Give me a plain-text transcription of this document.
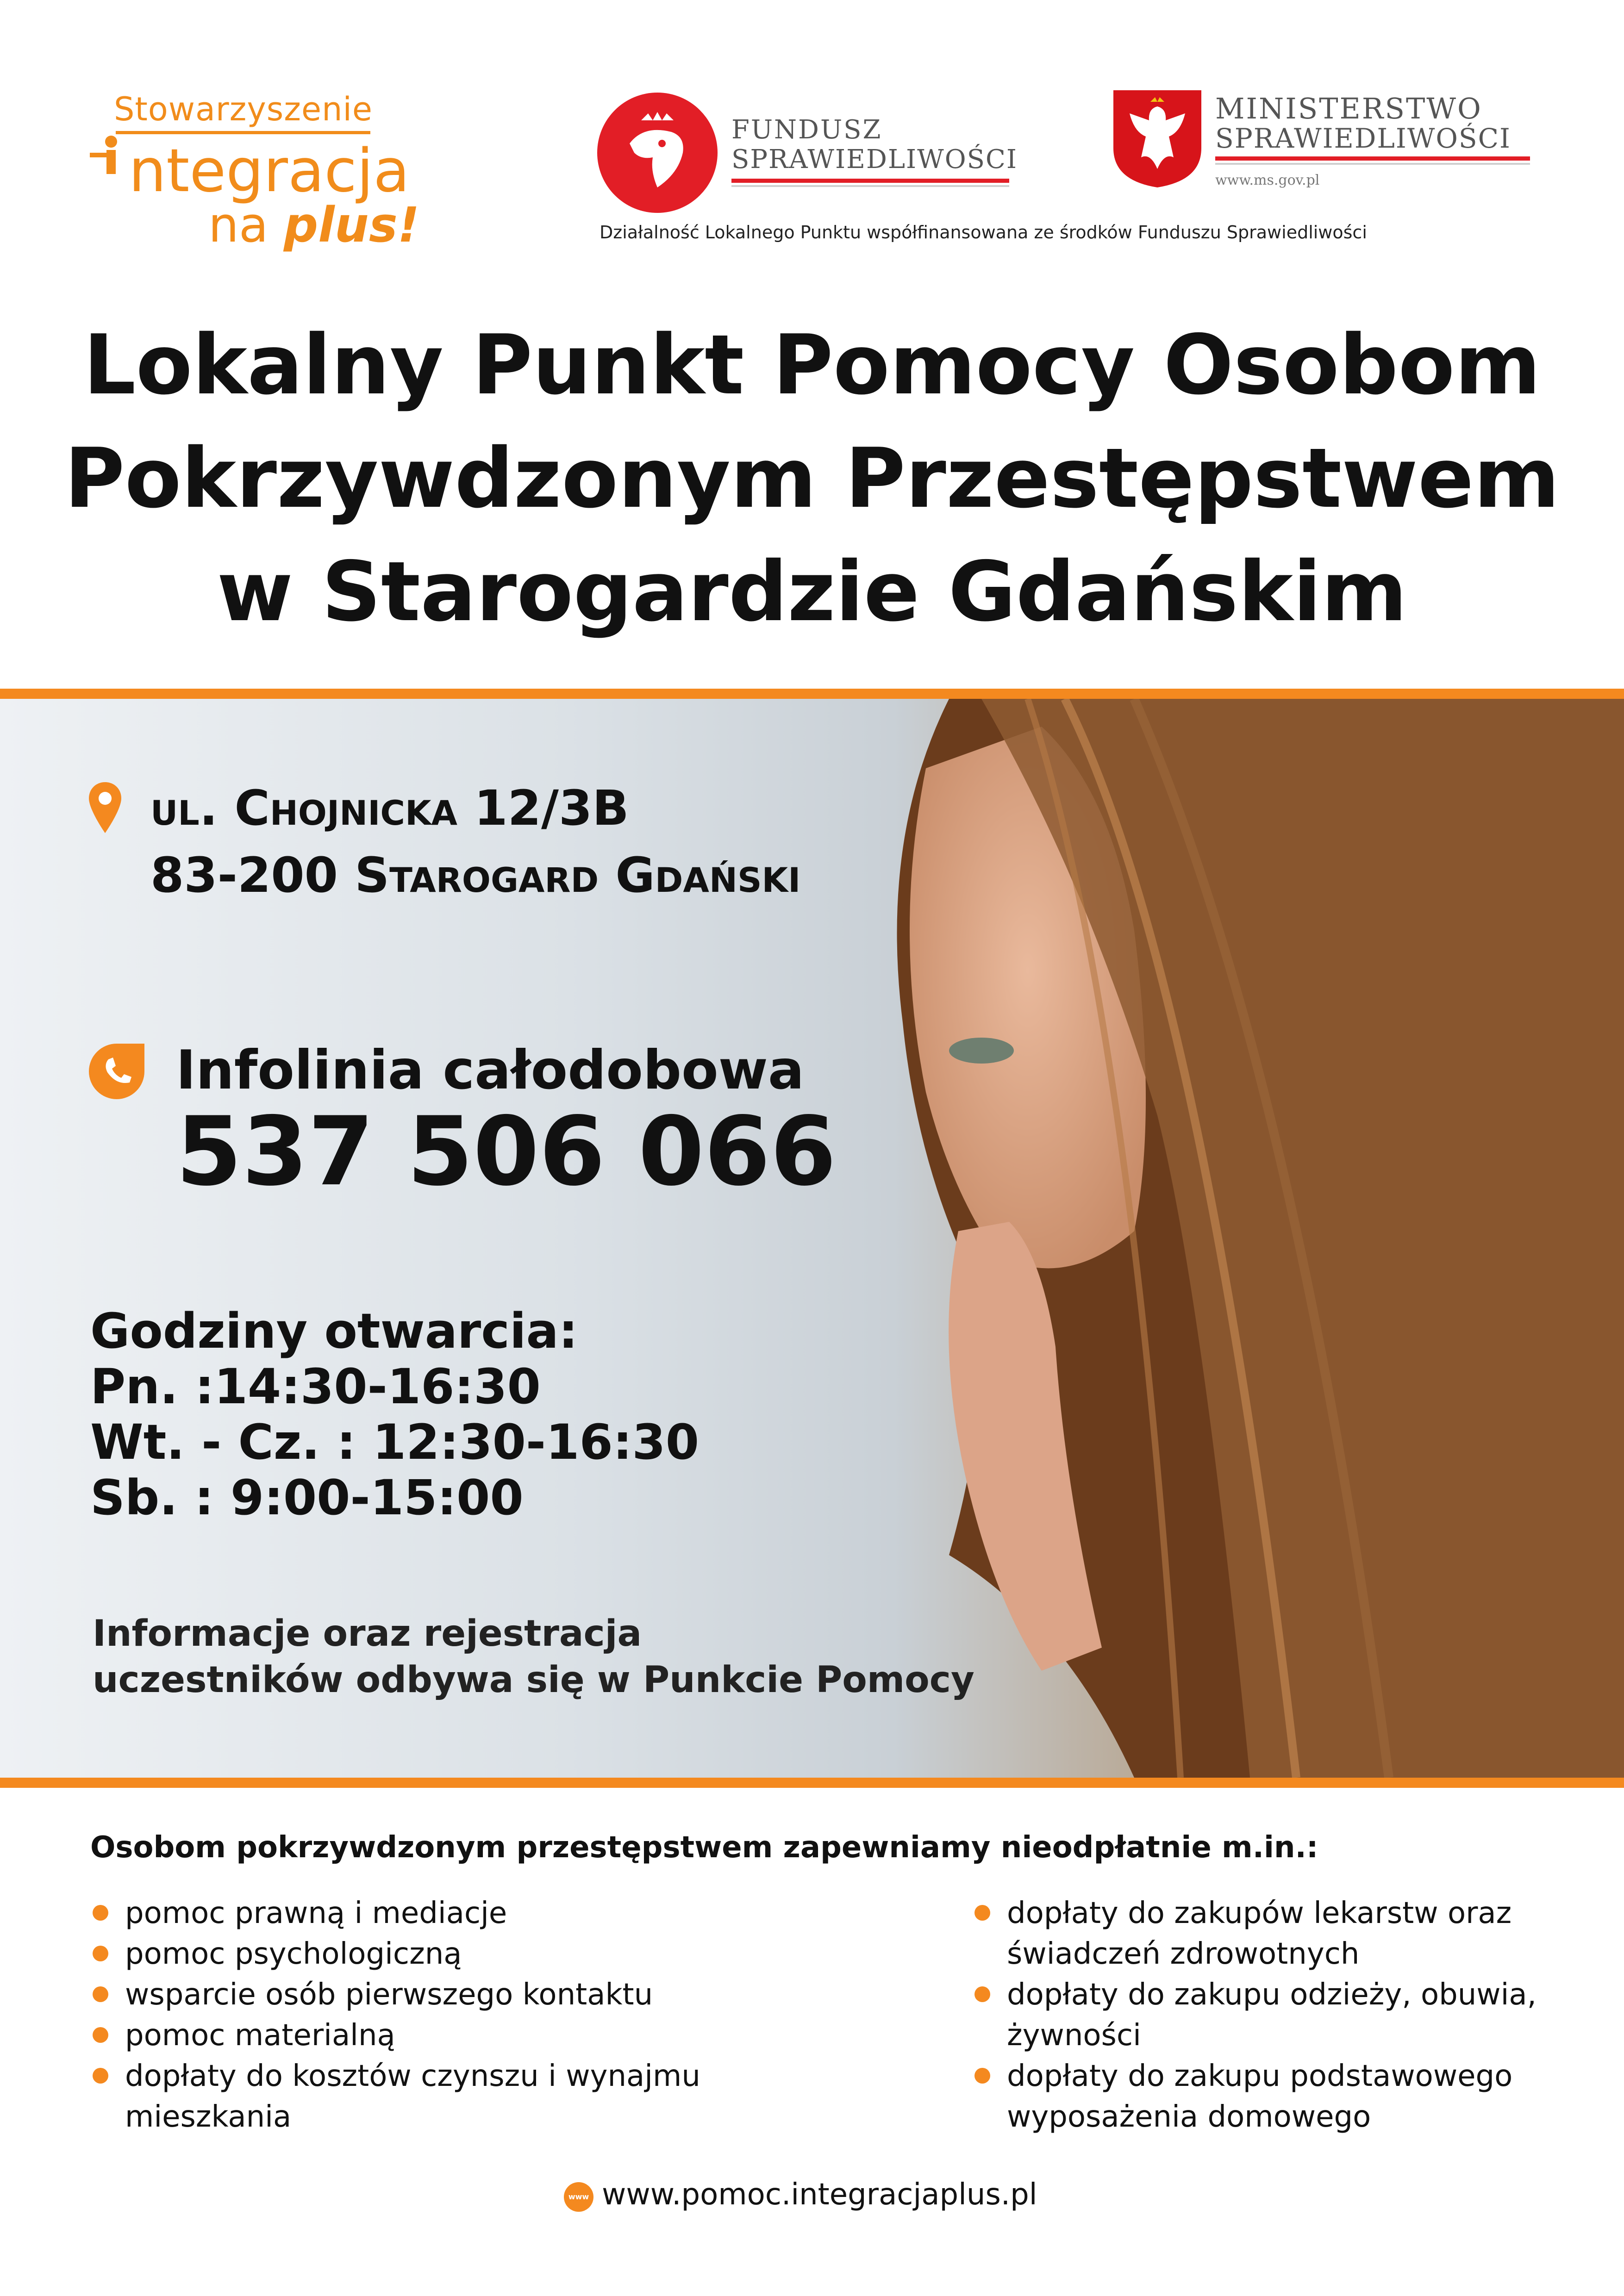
Stowarzyszenie
ntegracja
na plus!
FUNDUSZ
SPRAWIEDLIWOŚCI
MINISTERSTWO
SPRAWIEDLIWOŚCI
www.ms.gov.pl
Działalność Lokalnego Punktu współfinansowana ze środków Funduszu Sprawiedliwości
Lokalny Punkt Pomocy Osobom
Pokrzywdzonym Przestępstwem
w Starogardzie Gdańskim
ul. Chojnicka 12/3B
83-200 Starogard Gdański
Infolinia całodobowa
537 506 066
Godziny otwarcia:
Pn. :14:30-16:30
Wt. - Cz. : 12:30-16:30
Sb. : 9:00-15:00
Informacje oraz rejestracja
uczestników odbywa się w Punkcie Pomocy
Osobom pokrzywdzonym przestępstwem zapewniamy nieodpłatnie m.in.:
pomoc prawną i mediacje
pomoc psychologiczną
wsparcie osób pierwszego kontaktu
pomoc materialną
dopłaty do kosztów czynszu i wynajmu mieszkania
dopłaty do zakupów lekarstw oraz świadczeń zdrowotnych
dopłaty do zakupu odzieży, obuwia, żywności
dopłaty do zakupu podstawowego wyposażenia domowego
www www.pomoc.integracjaplus.pl
